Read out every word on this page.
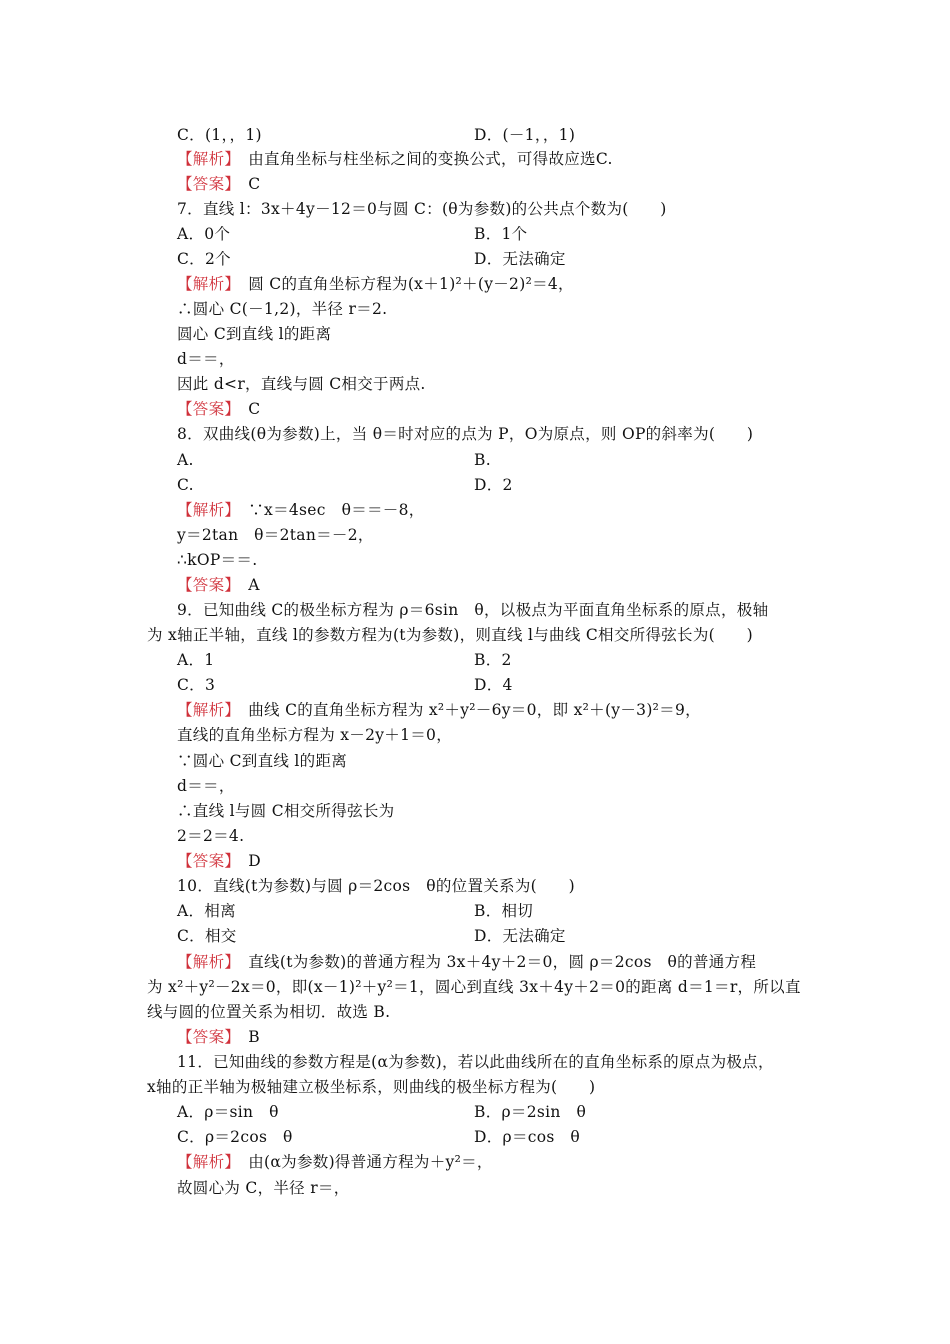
C．(1，，1)	D．(－1，，1)
【解析】　由直角坐标与柱坐标之间的变换公式，可得故应选C.
【答案】　C
7．直线 l：3x＋4y－12＝0与圆 C：(θ为参数)的公共点个数为(　　)
A．0个	B．1个
C．2个	D．无法确定
【解析】　圆 C的直角坐标方程为(x＋1)²＋(y－2)²＝4，
∴圆心 C(－1,2)，半径 r＝2.
圆心 C到直线 l的距离
d＝＝，
因此 d<r，直线与圆 C相交于两点.
【答案】　C
8．双曲线(θ为参数)上，当 θ＝时对应的点为 P，O为原点，则 OP的斜率为(　　)
A.	B.
C.	D．2
【解析】　∵x＝4sec　θ＝＝－8，
y＝2tan　θ＝2tan＝－2，
∴kOP＝＝.
【答案】　A
9．已知曲线 C的极坐标方程为 ρ＝6sin　θ，以极点为平面直角坐标系的原点，极轴
为 x轴正半轴，直线 l的参数方程为(t为参数)，则直线 l与曲线 C相交所得弦长为(　　)
A．1	B．2
C．3	D．4
【解析】　曲线 C的直角坐标方程为 x²＋y²－6y＝0，即 x²＋(y－3)²＝9，
直线的直角坐标方程为 x－2y＋1＝0，
∵圆心 C到直线 l的距离
d＝＝，
∴直线 l与圆 C相交所得弦长为
2＝2＝4.
【答案】　D
10．直线(t为参数)与圆 ρ＝2cos　θ的位置关系为(　　)
A．相离	B．相切
C．相交	D．无法确定
【解析】　直线(t为参数)的普通方程为 3x＋4y＋2＝0，圆 ρ＝2cos　θ的普通方程
为 x²＋y²－2x＝0，即(x－1)²＋y²＝1，圆心到直线 3x＋4y＋2＝0的距离 d＝1＝r，所以直
线与圆的位置关系为相切．故选 B.
【答案】　B
11．已知曲线的参数方程是(α为参数)，若以此曲线所在的直角坐标系的原点为极点，
x轴的正半轴为极轴建立极坐标系，则曲线的极坐标方程为(　　)
A．ρ＝sin　θ	B．ρ＝2sin　θ
C．ρ＝2cos　θ	D．ρ＝cos　θ
【解析】　由(α为参数)得普通方程为＋y²＝，
故圆心为 C，半径 r＝，
